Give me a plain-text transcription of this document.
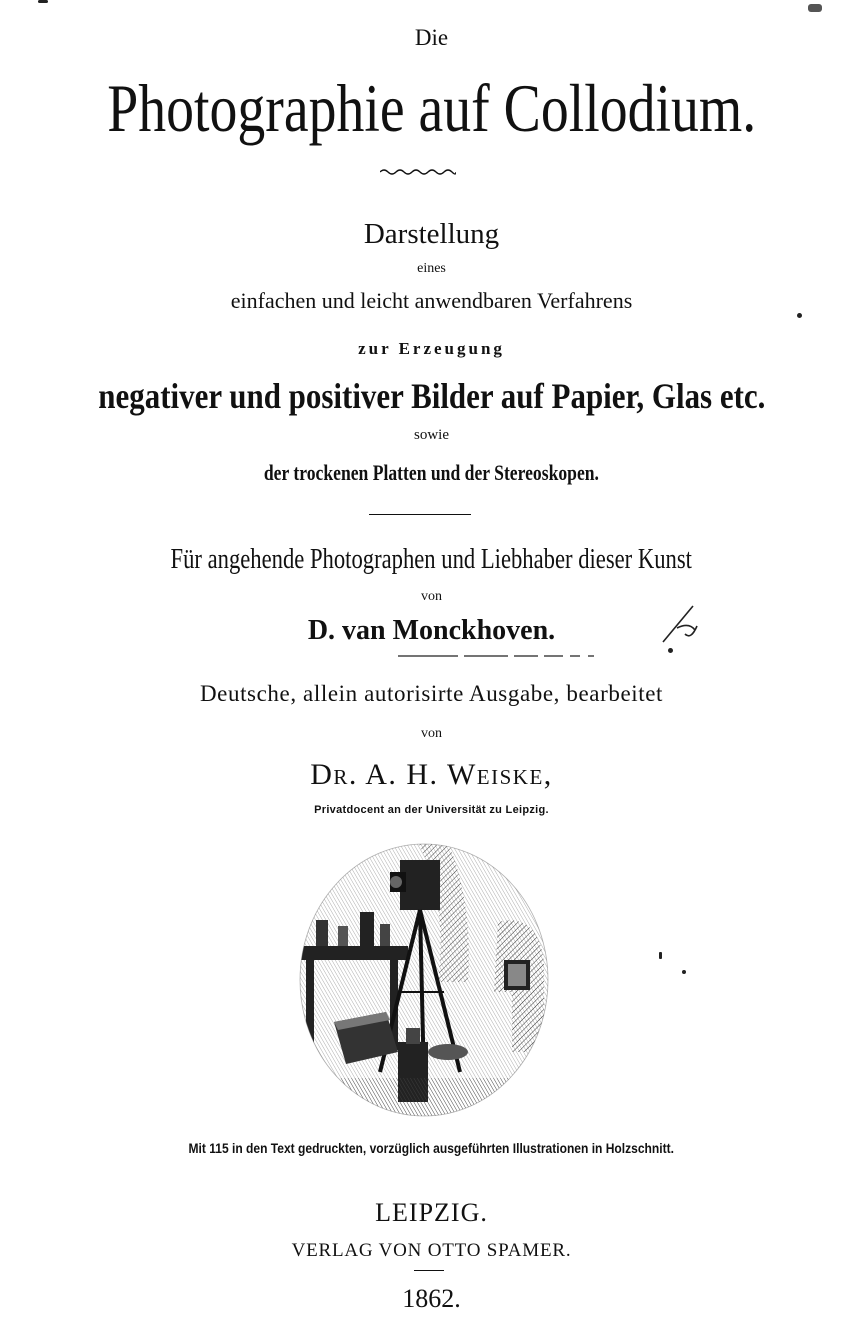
Die
Photographie auf Collodium.
Darstellung
eines
einfachen und leicht anwendbaren Verfahrens
zur Erzeugung
negativer und positiver Bilder auf Papier, Glas etc.
sowie
der trockenen Platten und der Stereoskopen.
Für angehende Photographen und Liebhaber dieser Kunst
von
D. van Monckhoven.
Deutsche, allein autorisirte Ausgabe, bearbeitet
von
Dr. A. H. Weiske,
Privatdocent an der Universität zu Leipzig.
Mit 115 in den Text gedruckten, vorzüglich ausgeführten Illustrationen in Holzschnitt.
LEIPZIG.
VERLAG VON OTTO SPAMER.
1862.
